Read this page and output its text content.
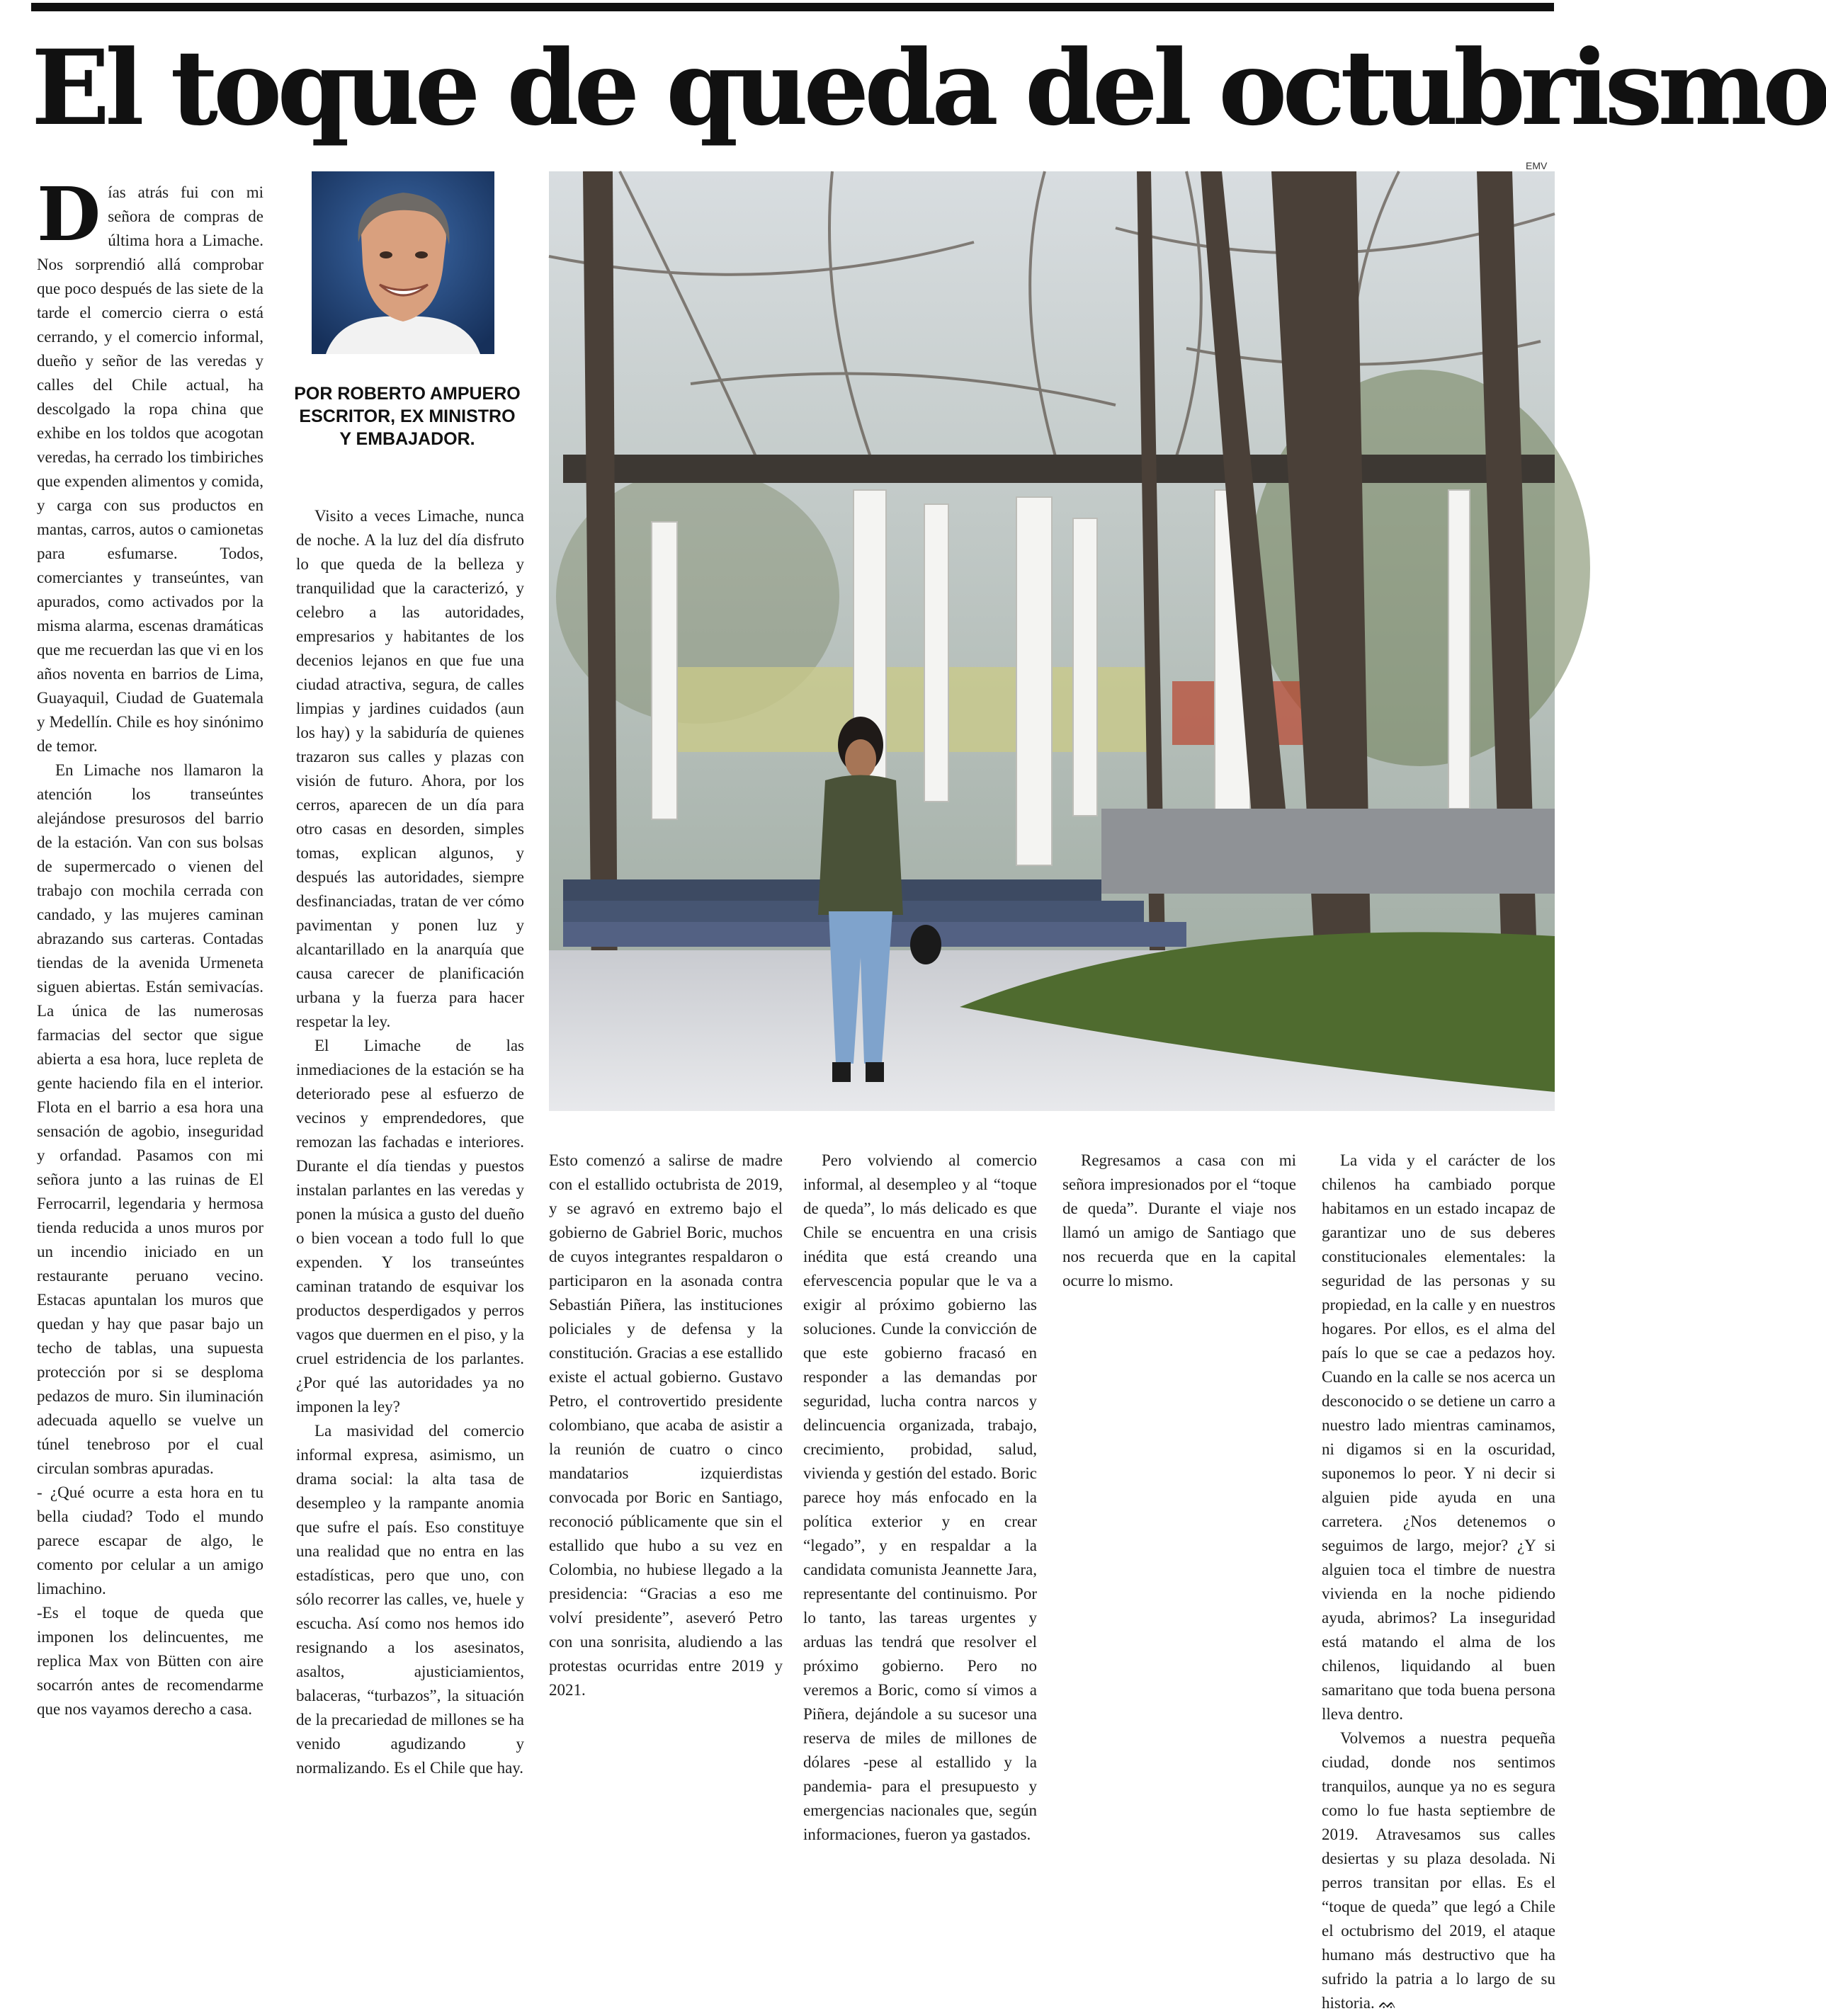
El toque de queda del octubrismo

Días atrás fui con mi señora de compras de última hora a Limache. Nos sorprendió allá comprobar que poco después de las siete de la tarde el comercio cierra o está cerrando, y el comercio informal, dueño y señor de las veredas y calles del Chile actual, ha descolgado la ropa china que exhibe en los toldos que acogotan veredas, ha cerrado los timbiriches que expenden alimentos y comida, y carga con sus productos en mantas, carros, autos o camionetas para esfumarse. Todos, comerciantes y transeúntes, van apurados, como activados por la misma alarma, escenas dramáticas que me recuerdan las que vi en los años noventa en barrios de Lima, Guayaquil, Ciudad de Guatemala y Medellín. Chile es hoy sinónimo de temor.

En Limache nos llamaron la atención los transeúntes alejándose presurosos del barrio de la estación. Van con sus bolsas de supermercado o vienen del trabajo con mochila cerrada con candado, y las mujeres caminan abrazando sus carteras. Contadas tiendas de la avenida Urmeneta siguen abiertas. Están semivacías. La única de las numerosas farmacias del sector que sigue abierta a esa hora, luce repleta de gente haciendo fila en el interior. Flota en el barrio a esa hora una sensación de agobio, inseguridad y orfandad. Pasamos con mi señora junto a las ruinas de El Ferrocarril, legendaria y hermosa tienda reducida a unos muros por un incendio iniciado en un restaurante peruano vecino. Estacas apuntalan los muros que quedan y hay que pasar bajo un techo de tablas, una supuesta protección por si se desploma pedazos de muro. Sin iluminación adecuada aquello se vuelve un túnel tenebroso por el cual circulan sombras apuradas.

- ¿Qué ocurre a esta hora en tu bella ciudad? Todo el mundo parece escapar de algo, le comento por celular a un amigo limachino.

-Es el toque de queda que imponen los delincuentes, me replica Max von Bütten con aire socarrón antes de recomendarme que nos vayamos derecho a casa.

POR ROBERTO AMPUERO
ESCRITOR, EX MINISTRO
Y EMBAJADOR.

Visito a veces Limache, nunca de noche. A la luz del día disfruto lo que queda de la belleza y tranquilidad que la caracterizó, y celebro a las autoridades, empresarios y habitantes de los decenios lejanos en que fue una ciudad atractiva, segura, de calles limpias y jardines cuidados (aun los hay) y la sabiduría de quienes trazaron sus calles y plazas con visión de futuro. Ahora, por los cerros, aparecen de un día para otro casas en desorden, simples tomas, explican algunos, y después las autoridades, siempre desfinanciadas, tratan de ver cómo pavimentan y ponen luz y alcantarillado en la anarquía que causa carecer de planificación urbana y la fuerza para hacer respetar la ley.

El Limache de las inmediaciones de la estación se ha deteriorado pese al esfuerzo de vecinos y emprendedores, que remozan las fachadas e interiores. Durante el día tiendas y puestos instalan parlantes en las veredas y ponen la música a gusto del dueño o bien vocean a todo full lo que expenden. Y los transeúntes caminan tratando de esquivar los productos desperdigados y perros vagos que duermen en el piso, y la cruel estridencia de los parlantes. ¿Por qué las autoridades ya no imponen la ley?

La masividad del comercio informal expresa, asimismo, un drama social: la alta tasa de desempleo y la rampante anomia que sufre el país. Eso constituye una realidad que no entra en las estadísticas, pero que uno, con sólo recorrer las calles, ve, huele y escucha. Así como nos hemos ido resignando a los asesinatos, asaltos, ajusticiamientos, balaceras, “turbazos”, la situación de la precariedad de millones se ha venido agudizando y normalizando. Es el Chile que hay.

EMV

Esto comenzó a salirse de madre con el estallido octubrista de 2019, y se agravó en extremo bajo el gobierno de Gabriel Boric, muchos de cuyos integrantes respaldaron o participaron en la asonada contra Sebastián Piñera, las instituciones policiales y de defensa y la constitución. Gracias a ese estallido existe el actual gobierno. Gustavo Petro, el controvertido presidente colombiano, que acaba de asistir a la reunión de cuatro o cinco mandatarios izquierdistas convocada por Boric en Santiago, reconoció públicamente que sin el estallido que hubo a su vez en Colombia, no hubiese llegado a la presidencia: “Gracias a eso me volví presidente”, aseveró Petro con una sonrisita, aludiendo a las protestas ocurridas entre 2019 y 2021.

Pero volviendo al comercio informal, al desempleo y al “toque de queda”, lo más delicado es que Chile se encuentra en una crisis inédita que está creando una efervescencia popular que le va a exigir al próximo gobierno las soluciones. Cunde la convicción de que este gobierno fracasó en responder a las demandas por seguridad, lucha contra narcos y delincuencia organizada, trabajo, crecimiento, probidad, salud, vivienda y gestión del estado. Boric parece hoy más enfocado en la política exterior y en crear “legado”, y en respaldar a la candidata comunista Jeannette Jara, representante del continuismo. Por lo tanto, las tareas urgentes y arduas las tendrá que resolver el próximo gobierno. Pero no veremos a Boric, como sí vimos a Piñera, dejándole a su sucesor una reserva de miles de millones de dólares -pese al estallido y la pandemia- para el presupuesto y emergencias nacionales que, según informaciones, fueron ya gastados.

Regresamos a casa con mi señora impresionados por el “toque de queda”. Durante el viaje nos llamó un amigo de Santiago que nos recuerda que en la capital ocurre lo mismo.

La vida y el carácter de los chilenos ha cambiado porque habitamos en un estado incapaz de garantizar uno de sus deberes constitucionales elementales: la seguridad de las personas y su propiedad, en la calle y en nuestros hogares. Por ellos, es el alma del país lo que se cae a pedazos hoy. Cuando en la calle se nos acerca un desconocido o se detiene un carro a nuestro lado mientras caminamos, ni digamos si en la oscuridad, suponemos lo peor. Y ni decir si alguien pide ayuda en una carretera. ¿Nos detenemos o seguimos de largo, mejor? ¿Y si alguien toca el timbre de nuestra vivienda en la noche pidiendo ayuda, abrimos? La inseguridad está matando el alma de los chilenos, liquidando al buen samaritano que toda buena persona lleva dentro.

Volvemos a nuestra pequeña ciudad, donde nos sentimos tranquilos, aunque ya no es segura como lo fue hasta septiembre de 2019. Atravesamos sus calles desiertas y su plaza desolada. Ni perros transitan por ellas. Es el “toque de queda” que legó a Chile el octubrismo del 2019, el ataque humano más destructivo que ha sufrido la patria a lo largo de su historia. ᨐ
